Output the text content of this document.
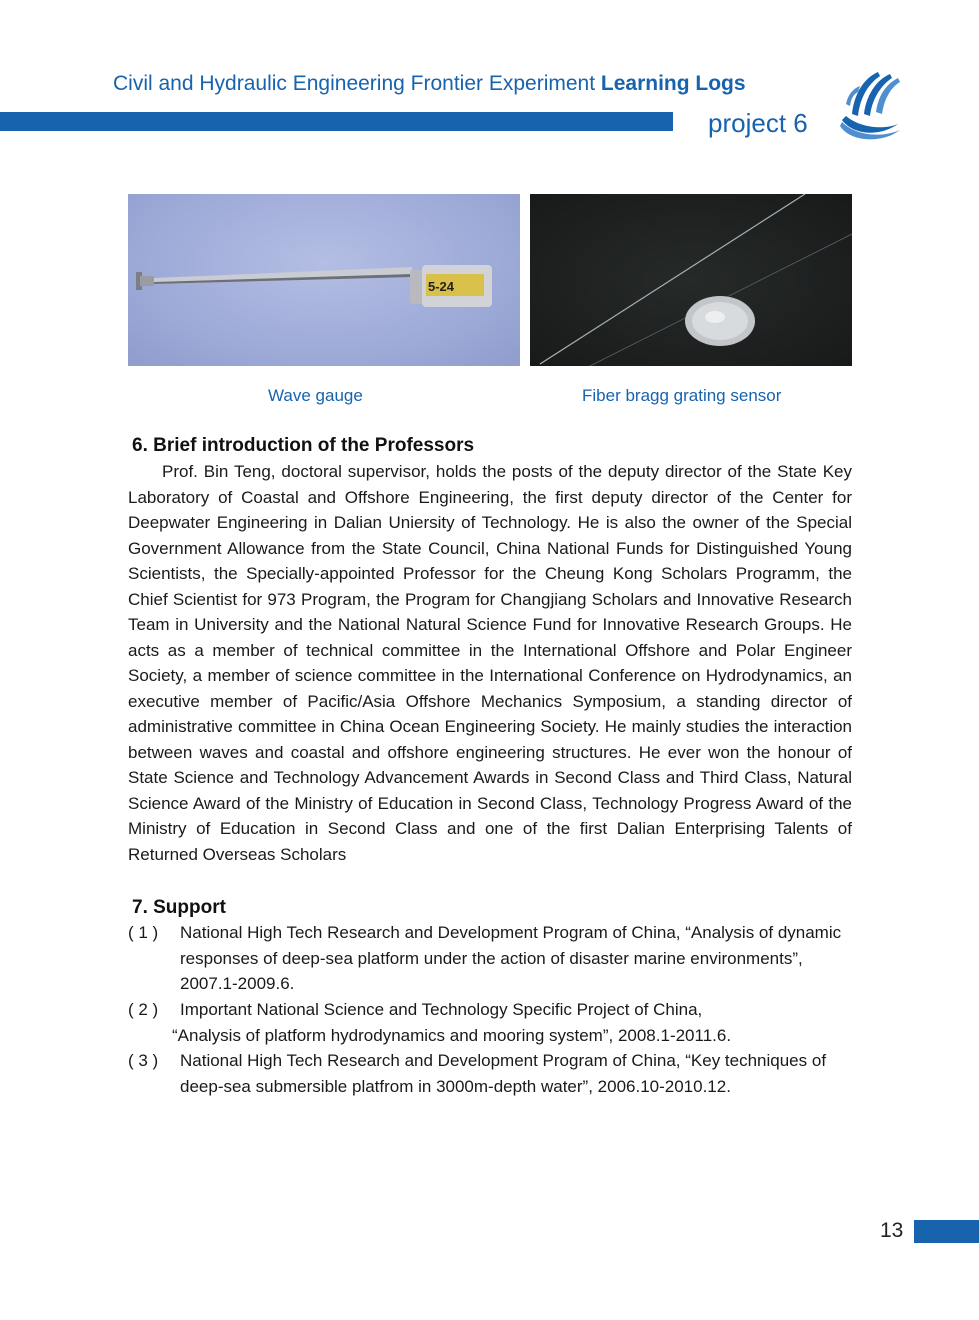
Civil and Hydraulic Engineering Frontier Experiment Learning Logs
project 6
5-24
Wave gauge	Fiber bragg grating sensor
6. Brief introduction of the Professors

Prof. Bin Teng, doctoral supervisor, holds the posts of the deputy director of the State Key Laboratory of Coastal and Offshore Engineering, the first deputy director of the Center for Deepwater Engineering in Dalian Uniersity of Technology. He is also the owner of the Special Government Allowance from the State Council, China National Funds for Distinguished Young Scientists, the Specially-appointed Professor for the Cheung Kong Scholars Programm, the Chief Scientist for 973 Program, the Program for Changjiang Scholars and Innovative Research Team in University and the National Natural Science Fund for Innovative Research Groups. He acts as a member of technical committee in the International Offshore and Polar Engineer Society, a member of science committee in the International Conference on Hydrodynamics, an executive member of Pacific/Asia Offshore Mechanics Symposium, a standing director of administrative committee in China Ocean Engineering Society. He mainly studies the interaction between waves and coastal and offshore engineering structures. He ever won the honour of State Science and Technology Advancement Awards in Second Class and Third Class, Natural Science Award of the Ministry of Education in Second Class, Technology Progress Award of the Ministry of Education in Second Class and one of the first Dalian Enterprising Talents of Returned Overseas Scholars

7. Support
( 1 )	National High Tech Research and Development Program of China, “Analysis of dynamic responses of deep-sea platform under the action of disaster marine environments”, 2007.1-2009.6.
( 2 ) Important National Science and Technology Specific Project of China,
“Analysis of platform hydrodynamics and mooring system”, 2008.1-2011.6.
( 3 )	National High Tech Research and Development Program of China, “Key techniques of deep-sea submersible platfrom in 3000m-depth water”, 2006.10-2010.12.
13
